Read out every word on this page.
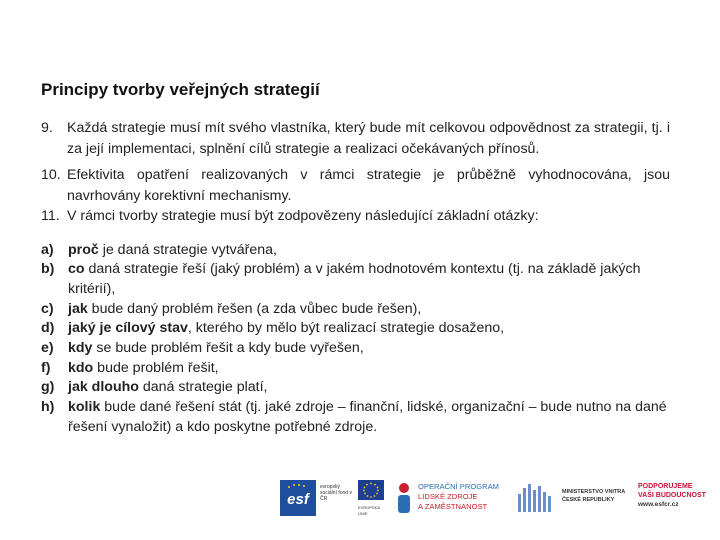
Principy tvorby veřejných strategií
9. Každá strategie musí mít svého vlastníka, který bude mít celkovou odpovědnost za strategii, tj. i za její implementaci, splnění cílů strategie a realizaci očekávaných přínosů.
10. Efektivita opatření realizovaných v rámci strategie je průběžně vyhodnocována, jsou navrhovány korektivní mechanismy.
11. V rámci tvorby strategie musí být zodpovězeny následující základní otázky:
a)	proč je daná strategie vytvářena,
b) co daná strategie řeší (jaký problém) a v jakém hodnotovém kontextu (tj. na základě jakých kritérií),
c)	jak bude daný problém řešen (a zda vůbec bude řešen),
d) jaký je cílový stav, kterého by mělo být realizací strategie dosaženo,
e)	kdy se bude problém řešit a kdy bude vyřešen,
f)	kdo bude problém řešit,
g) jak dlouho daná strategie platí,
h) kolik bude dané řešení stát (tj. jaké zdroje – finanční, lidské, organizační – bude nutno na dané řešení vynaložit) a kdo poskytne potřebné zdroje.
esf
evropský sociální fond v ČR
EVROPSKÁ UNIE
OPERAČNÍ PROGRAM
LIDSKÉ ZDROJE
A ZAMĚSTNANOST
MINISTERSTVO VNITRA
ČESKÉ REPUBLIKY
PODPORUJEME
VAŠI BUDOUCNOST
www.esfcr.cz
